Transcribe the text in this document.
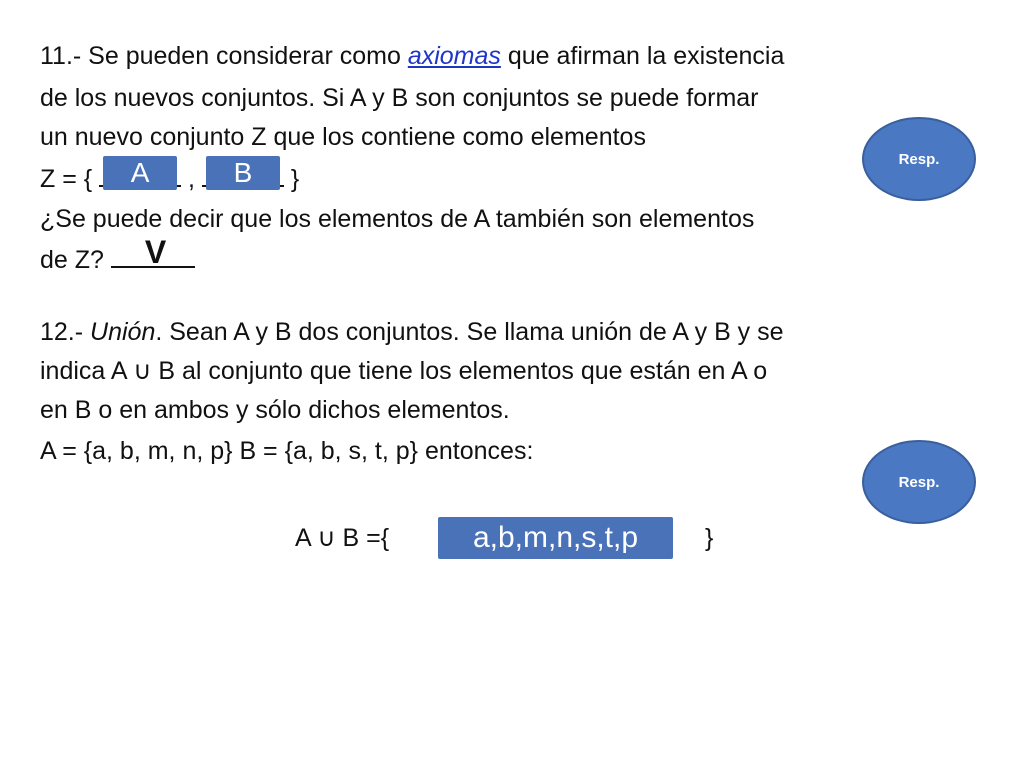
11.- Se pueden considerar como axiomas que afirman la existencia
de los nuevos conjuntos. Si A y B son conjuntos se puede formar
un nuevo conjunto Z que los contiene como elementos
Z = {	A	,	B	}
¿Se puede decir que los elementos de A también son elementos
de Z? V
12.- Unión. Sean A y B dos conjuntos. Se llama unión de A y B y se
indica A ∪ B al conjunto que tiene los elementos que están en A o
en B o en ambos y sólo dichos elementos.
A = {a, b, m, n, p} B = {a, b, s, t, p} entonces:
A ∪ B ={	a,b,m,n,s,t,p	}
Resp.
Resp.
